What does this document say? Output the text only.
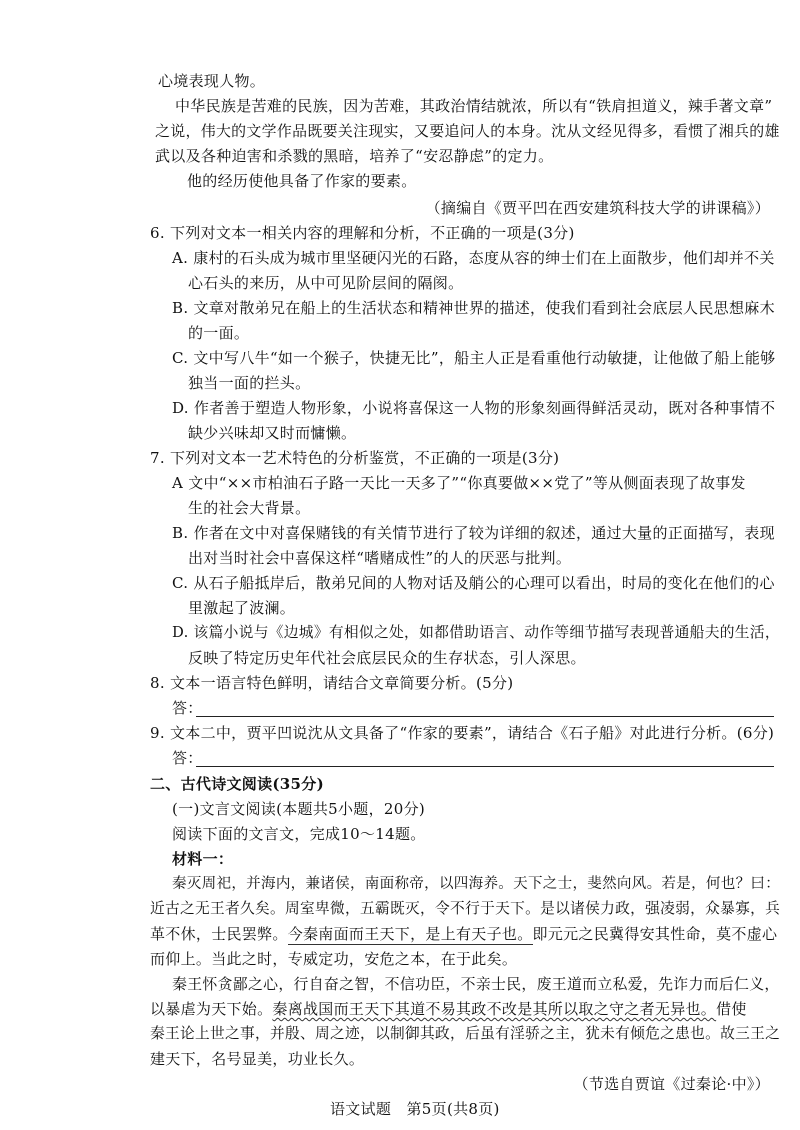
心境表现人物。
中华民族是苦难的民族，因为苦难，其政治情结就浓，所以有“铁肩担道义，辣手著文章”
之说，伟大的文学作品既要关注现实，又要追问人的本身。沈从文经见得多，看惯了湘兵的雄
武以及各种迫害和杀戮的黑暗，培养了“安忍静虑”的定力。
他的经历使他具备了作家的要素。
（摘编自《贾平凹在西安建筑科技大学的讲课稿》）
6. 下列对文本一相关内容的理解和分析，不正确的一项是(3分)
A. 康村的石头成为城市里坚硬闪光的石路，态度从容的绅士们在上面散步，他们却并不关
心石头的来历，从中可见阶层间的隔阂。
B. 文章对散弟兄在船上的生活状态和精神世界的描述，使我们看到社会底层人民思想麻木
的一面。
C. 文中写八牛“如一个猴子，快捷无比”，船主人正是看重他行动敏捷，让他做了船上能够
独当一面的拦头。
D. 作者善于塑造人物形象，小说将喜保这一人物的形象刻画得鲜活灵动，既对各种事情不
缺少兴味却又时而慵懒。
7. 下列对文本一艺术特色的分析鉴赏，不正确的一项是(3分)
A 文中“××市柏油石子路一天比一天多了”“你真要做××党了”等从侧面表现了故事发
生的社会大背景。
B. 作者在文中对喜保赌钱的有关情节进行了较为详细的叙述，通过大量的正面描写，表现
出对当时社会中喜保这样“嗜赌成性”的人的厌恶与批判。
C. 从石子船抵岸后，散弟兄间的人物对话及艄公的心理可以看出，时局的变化在他们的心
里激起了波澜。
D. 该篇小说与《边城》有相似之处，如都借助语言、动作等细节描写表现普通船夫的生活，
反映了特定历史年代社会底层民众的生存状态，引人深思。
8. 文本一语言特色鲜明，请结合文章简要分析。(5分)
答：
9. 文本二中，贾平凹说沈从文具备了“作家的要素”，请结合《石子船》对此进行分析。(6分)
答：
二、古代诗文阅读(35分)
(一)文言文阅读(本题共5小题，20分)
阅读下面的文言文，完成10～14题。
材料一：
秦灭周祀，并海内，兼诸侯，南面称帝，以四海养。天下之士，斐然向风。若是，何也？曰：
近古之无王者久矣。周室卑微，五霸既灭，令不行于天下。是以诸侯力政，强凌弱，众暴寡，兵
革不休，士民罢弊。今秦南面而王天下，是上有天子也。即元元之民冀得安其性命，莫不虚心
而仰上。当此之时，专威定功，安危之本，在于此矣。
秦王怀贪鄙之心，行自奋之智，不信功臣，不亲士民，废王道而立私爱，先诈力而后仁义，
以暴虐为天下始。秦离战国而王天下其道不易其政不改是其所以取之守之者无异也。借使
秦王论上世之事，并殷、周之迹，以制御其政，后虽有淫骄之主，犹未有倾危之患也。故三王之
建天下，名号显美，功业长久。
（节选自贾谊《过秦论·中》）
语文试题　第5页(共8页)
